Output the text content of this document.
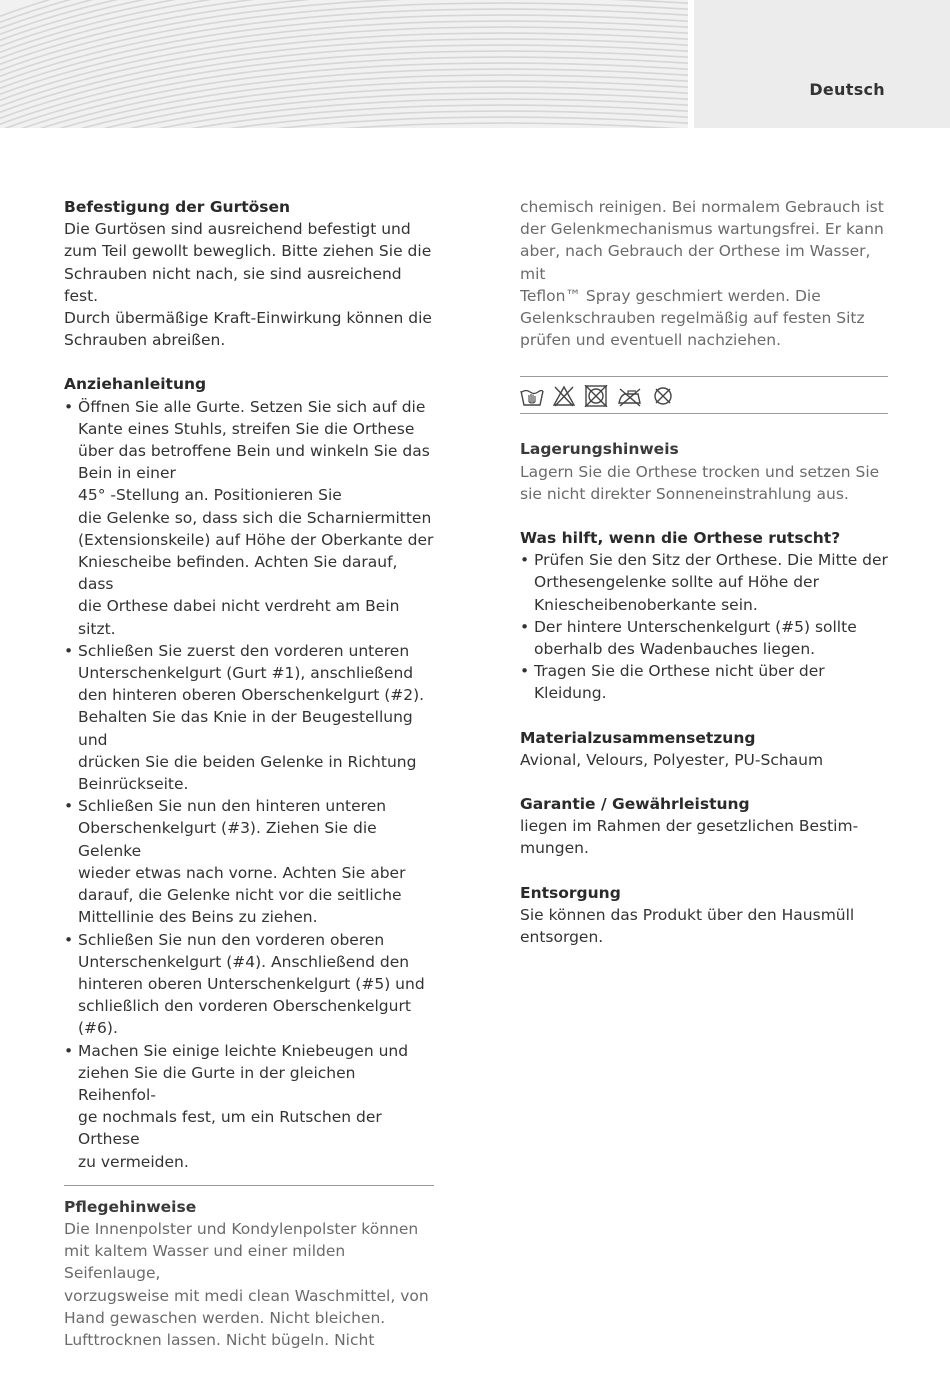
Deutsch
Befestigung der Gurtösen
Die Gurtösen sind ausreichend befestigt und
zum Teil gewollt beweglich. Bitte ziehen Sie die
Schrauben nicht nach, sie sind ausreichend fest.
Durch übermäßige Kraft-Einwirkung können die
Schrauben abreißen.
Anziehanleitung
• Öffnen Sie alle Gurte. Setzen Sie sich auf die
Kante eines Stuhls, streifen Sie die Orthese
über das betroffene Bein und winkeln Sie das
Bein in einer
45° -Stellung an. Positionieren Sie
die Gelenke so, dass sich die Scharniermitten
(Extensionskeile) auf Höhe der Oberkante der
Kniescheibe befinden. Achten Sie darauf, dass
die Orthese dabei nicht verdreht am Bein sitzt.
• Schließen Sie zuerst den vorderen unteren
Unterschenkelgurt (Gurt #1), anschließend
den hinteren oberen Oberschenkelgurt (#2).
Behalten Sie das Knie in der Beugestellung und
drücken Sie die beiden Gelenke in Richtung
Beinrückseite.
• Schließen Sie nun den hinteren unteren
Oberschenkelgurt (#3). Ziehen Sie die Gelenke
wieder etwas nach vorne. Achten Sie aber
darauf, die Gelenke nicht vor die seitliche
Mittellinie des Beins zu ziehen.
• Schließen Sie nun den vorderen oberen
Unterschenkelgurt (#4). Anschließend den
hinteren oberen Unterschenkelgurt (#5) und
schließlich den vorderen Oberschenkelgurt
(#6).
• Machen Sie einige leichte Kniebeugen und
ziehen Sie die Gurte in der gleichen Reihenfol-
ge nochmals fest, um ein Rutschen der Orthese
zu vermeiden.
Pflegehinweise
Die Innenpolster und Kondylenpolster können
mit kaltem Wasser und einer milden Seifenlauge,
vorzugsweise mit medi clean Waschmittel, von
Hand gewaschen werden. Nicht bleichen.
Lufttrocknen lassen. Nicht bügeln. Nicht
chemisch reinigen. Bei normalem Gebrauch ist
der Gelenkmechanismus wartungsfrei. Er kann
aber, nach Gebrauch der Orthese im Wasser, mit
Teflon™ Spray geschmiert werden. Die
Gelenkschrauben regelmäßig auf festen Sitz
prüfen und eventuell nachziehen.
Lagerungshinweis
Lagern Sie die Orthese trocken und setzen Sie
sie nicht direkter Sonneneinstrahlung aus.
Was hilft, wenn die Orthese rutscht?
• Prüfen Sie den Sitz der Orthese. Die Mitte der
Orthesengelenke sollte auf Höhe der
Kniescheibenoberkante sein.
• Der hintere Unterschenkelgurt (#5) sollte
oberhalb des Wadenbauches liegen.
• Tragen Sie die Orthese nicht über der Kleidung.
Materialzusammensetzung
Avional, Velours, Polyester, PU-Schaum
Garantie / Gewährleistung
liegen im Rahmen der gesetzlichen Bestim-
mungen.
Entsorgung
Sie können das Produkt über den Hausmüll
entsorgen.
